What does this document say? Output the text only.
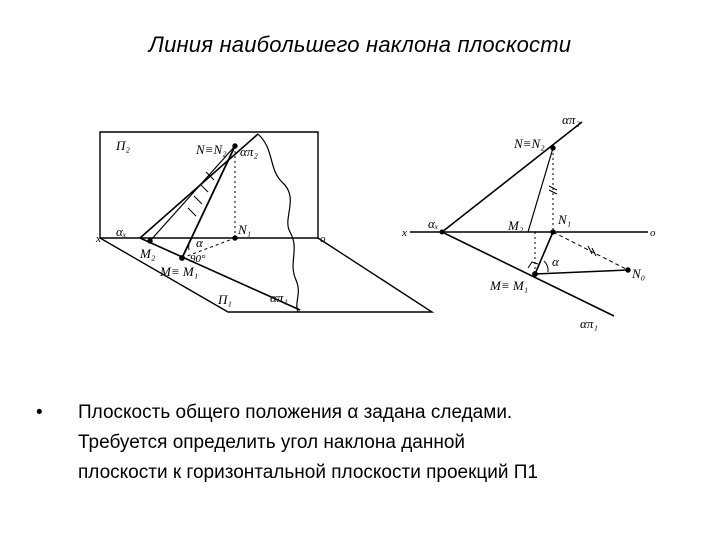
Линия наибольшего наклона плоскости
П₂
П₁
x	o
N≡N₂ απ₂
N₁
αₓ
α
M₂	90°
M≡ M₁
απ₁
απ₂
N≡N₂
x
αₓ	M₂	N₁
o
α
N₀
M≡ M₁
απ₁
• Плоскость общего положения α задана следами.
Требуется определить угол наклона данной
плоскости к горизонтальной плоскости проекций П1
